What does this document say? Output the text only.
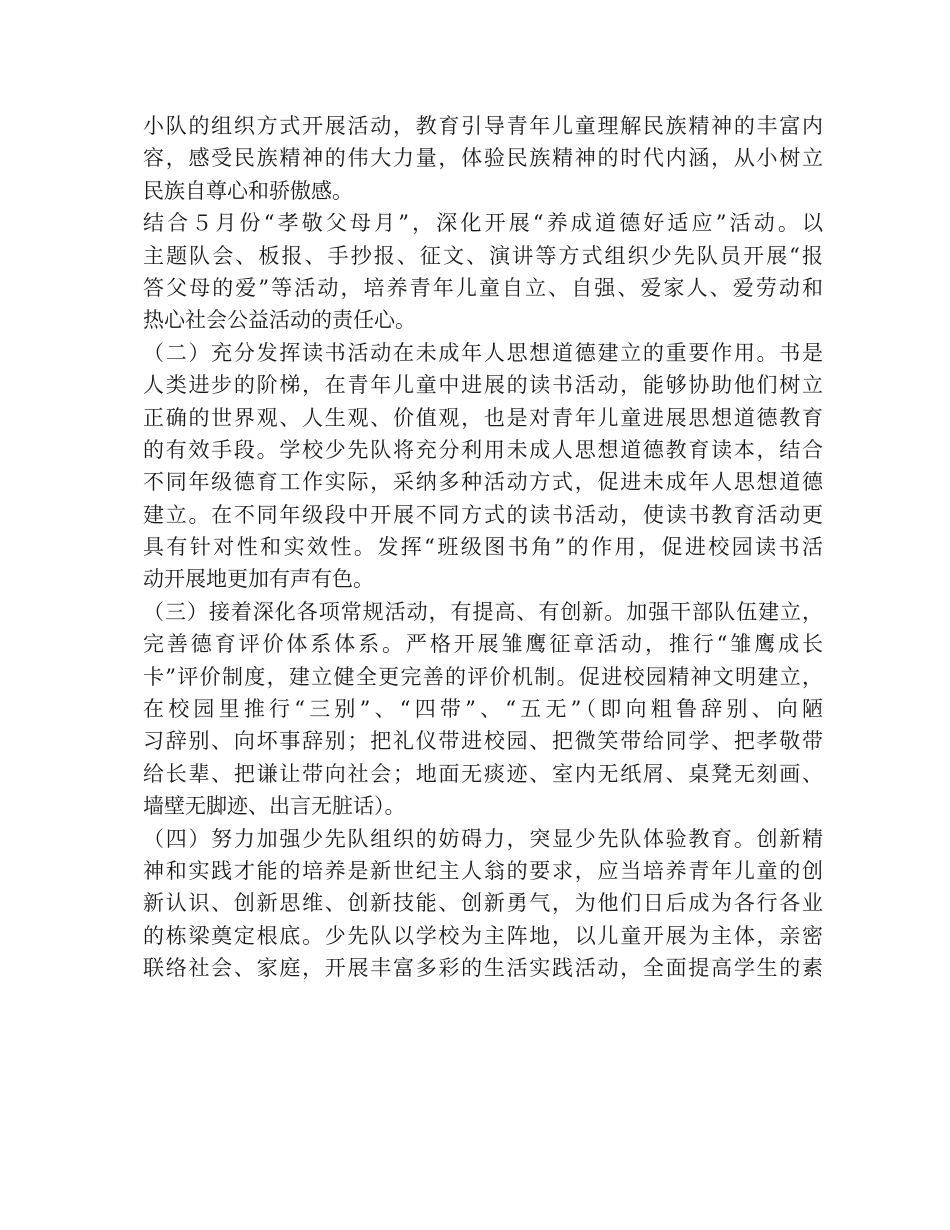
小队的组织方式开展活动，教育引导青年儿童理解民族精神的丰富内
容，感受民族精神的伟大力量，体验民族精神的时代内涵，从小树立
民族自尊心和骄傲感。
结合５月份“孝敬父母月”，深化开展“养成道德好适应”活动。以
主题队会、板报、手抄报、征文、演讲等方式组织少先队员开展“报
答父母的爱”等活动，培养青年儿童自立、自强、爱家人、爱劳动和
热心社会公益活动的责任心。
（二）充分发挥读书活动在未成年人思想道德建立的重要作用。书是
人类进步的阶梯，在青年儿童中进展的读书活动，能够协助他们树立
正确的世界观、人生观、价值观，也是对青年儿童进展思想道德教育
的有效手段。学校少先队将充分利用未成人思想道德教育读本，结合
不同年级德育工作实际，采纳多种活动方式，促进未成年人思想道德
建立。在不同年级段中开展不同方式的读书活动，使读书教育活动更
具有针对性和实效性。发挥“班级图书角”的作用，促进校园读书活
动开展地更加有声有色。
（三）接着深化各项常规活动，有提高、有创新。加强干部队伍建立，
完善德育评价体系体系。严格开展雏鹰征章活动，推行“雏鹰成长
卡”评价制度，建立健全更完善的评价机制。促进校园精神文明建立，
在校园里推行“三别”、“四带”、“五无”（即向粗鲁辞别、向陋
习辞别、向坏事辞别；把礼仪带进校园、把微笑带给同学、把孝敬带
给长辈、把谦让带向社会；地面无痰迹、室内无纸屑、桌凳无刻画、
墙壁无脚迹、出言无脏话）。
（四）努力加强少先队组织的妨碍力，突显少先队体验教育。创新精
神和实践才能的培养是新世纪主人翁的要求，应当培养青年儿童的创
新认识、创新思维、创新技能、创新勇气，为他们日后成为各行各业
的栋梁奠定根底。少先队以学校为主阵地，以儿童开展为主体，亲密
联络社会、家庭，开展丰富多彩的生活实践活动，全面提高学生的素
